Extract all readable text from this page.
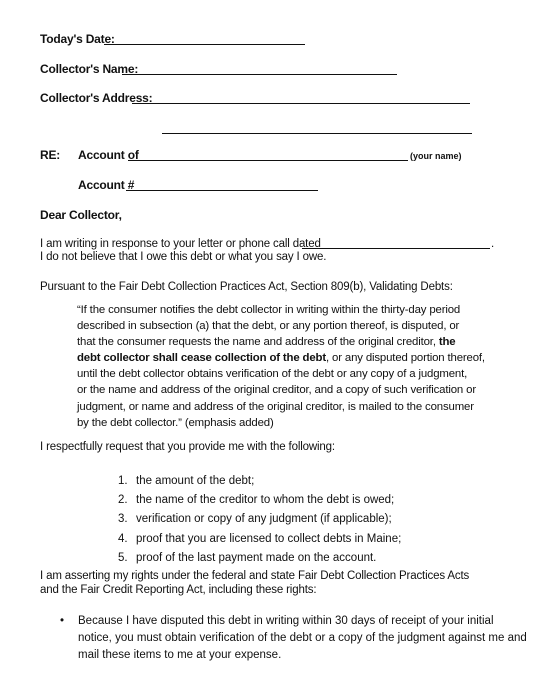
Today's Date:
Collector's Name:
Collector's Address:
RE: Account of	(your name)
Account #
Dear Collector,
I am writing in response to your letter or phone call dated	.
I do not believe that I owe this debt or what you say I owe.
Pursuant to the Fair Debt Collection Practices Act, Section 809(b), Validating Debts:
“If the consumer notifies the debt collector in writing within the thirty-day period
described in subsection (a) that the debt, or any portion thereof, is disputed, or
that the consumer requests the name and address of the original creditor, the
debt collector shall cease collection of the debt, or any disputed portion thereof,
until the debt collector obtains verification of the debt or any copy of a judgment,
or the name and address of the original creditor, and a copy of such verification or
judgment, or name and address of the original creditor, is mailed to the consumer
by the debt collector.” (emphasis added)
I respectfully request that you provide me with the following:
1. the amount of the debt;
2. the name of the creditor to whom the debt is owed;
3. verification or copy of any judgment (if applicable);
4. proof that you are licensed to collect debts in Maine;
5. proof of the last payment made on the account.
I am asserting my rights under the federal and state Fair Debt Collection Practices Acts
and the Fair Credit Reporting Act, including these rights:
• Because I have disputed this debt in writing within 30 days of receipt of your initial
notice, you must obtain verification of the debt or a copy of the judgment against me and
mail these items to me at your expense.
